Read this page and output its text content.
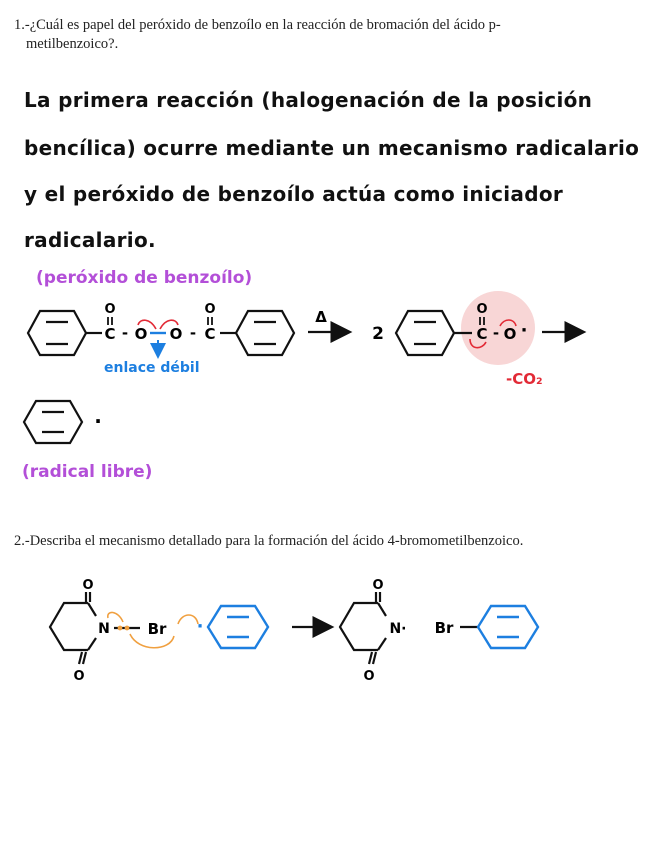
1.-¿Cuál es papel del peróxido de benzoílo en la reacción de bromación del ácido p-
metilbenzoico?.
La primera reacción (halogenación de la posición
bencílica) ocurre mediante un mecanismo radicalario
y el peróxido de benzoílo actúa como iniciador
radicalario.
(peróxido de benzoílo)
O
C - O O -
O
C
Δ
2
O
C - O ·
·
O
O
N	Br ·
O
O
N· Br
enlace débil
-CO₂
(radical libre)
2.-Describa el mecanismo detallado para la formación del ácido 4-bromometilbenzoico.
